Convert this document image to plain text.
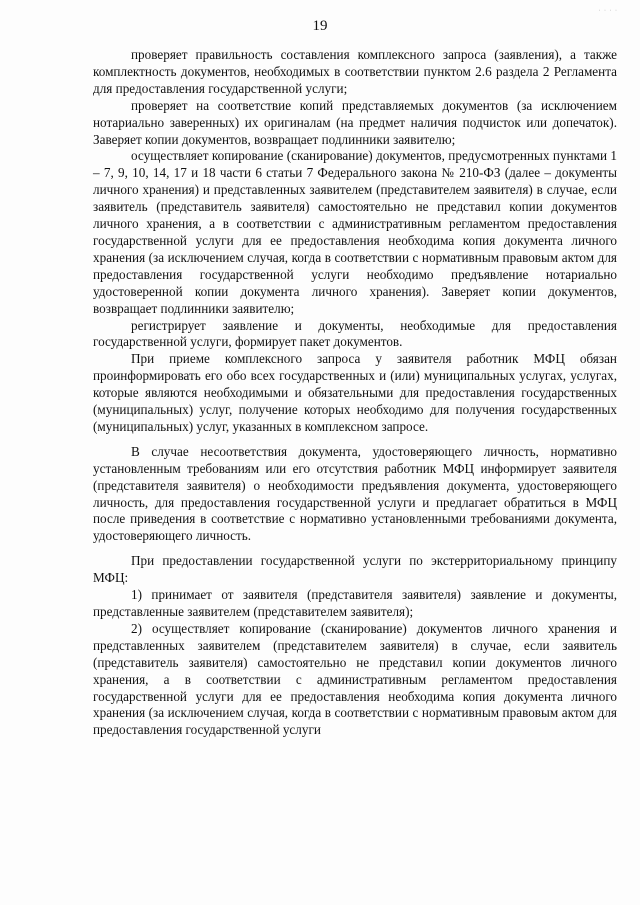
· · · ·
19

проверяет правильность составления комплексного запроса (заявления), а также комплектность документов, необходимых в соответствии пунктом 2.6 раздела 2 Регламента для предоставления государственной услуги;

проверяет на соответствие копий представляемых документов (за исключением нотариально заверенных) их оригиналам (на предмет наличия подчисток или допечаток). Заверяет копии документов, возвращает подлинники заявителю;

осуществляет копирование (сканирование) документов, предусмотренных пунктами 1 – 7, 9, 10, 14, 17 и 18 части 6 статьи 7 Федерального закона № 210-ФЗ (далее – документы личного хранения) и представленных заявителем (представителем заявителя) в случае, если заявитель (представитель заявителя) самостоятельно не представил копии документов личного хранения, а в соответствии с административным регламентом предоставления государственной услуги для ее предоставления необходима копия документа личного хранения (за исключением случая, когда в соответствии с нормативным правовым актом для предоставления государственной услуги необходимо предъявление нотариально удостоверенной копии документа личного хранения). Заверяет копии документов, возвращает подлинники заявителю;

регистрирует заявление и документы, необходимые для предоставления государственной услуги, формирует пакет документов.

При приеме комплексного запроса у заявителя работник МФЦ обязан проинформировать его обо всех государственных и (или) муниципальных услугах, услугах, которые являются необходимыми и обязательными для предоставления государственных (муниципальных) услуг, получение которых необходимо для получения государственных (муниципальных) услуг, указанных в комплексном запросе.

В случае несоответствия документа, удостоверяющего личность, нормативно установленным требованиям или его отсутствия работник МФЦ информирует заявителя (представителя заявителя) о необходимости предъявления документа, удостоверяющего личность, для предоставления государственной услуги и предлагает обратиться в МФЦ после приведения в соответствие с нормативно установленными требованиями документа, удостоверяющего личность.

При предоставлении государственной услуги по экстерриториальному принципу МФЦ:

1) принимает от заявителя (представителя заявителя) заявление и документы, представленные заявителем (представителем заявителя);

2) осуществляет копирование (сканирование) документов личного хранения и представленных заявителем (представителем заявителя) в случае, если заявитель (представитель заявителя) самостоятельно не представил копии документов личного хранения, а в соответствии с административным регламентом предоставления государственной услуги для ее предоставления необходима копия документа личного хранения (за исключением случая, когда в соответствии с нормативным правовым актом для предоставления государственной услуги
